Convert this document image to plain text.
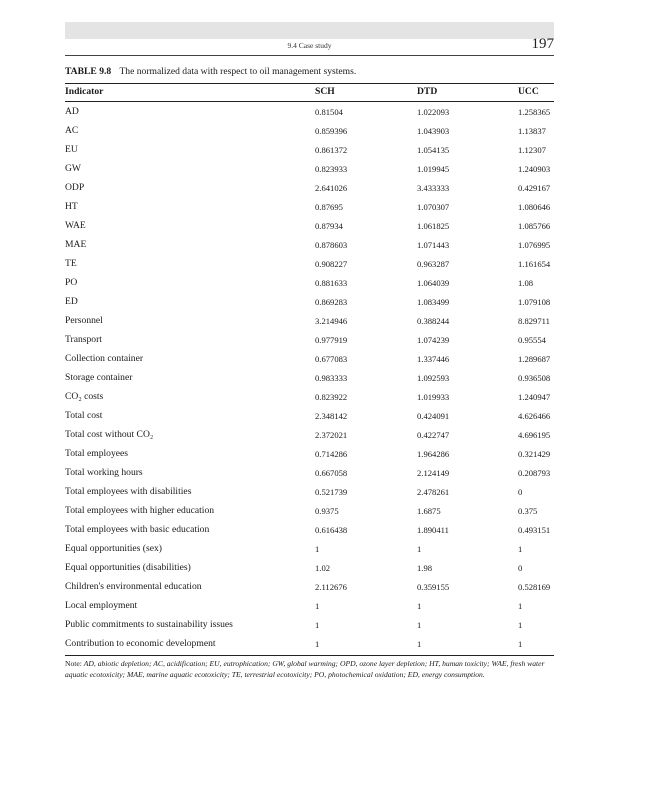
9.4 Case study	197
TABLE 9.8 The normalized data with respect to oil management systems.
Indicator	SCH	DTD	UCC
AD	0.81504	1.022093	1.258365
AC	0.859396	1.043903	1.13837
EU	0.861372	1.054135	1.12307
GW	0.823933	1.019945	1.240903
ODP	2.641026	3.433333	0.429167
HT	0.87695	1.070307	1.080646
WAE	0.87934	1.061825	1.085766
MAE	0.878603	1.071443	1.076995
TE	0.908227	0.963287	1.161654
PO	0.881633	1.064039	1.08
ED	0.869283	1.083499	1.079108
Personnel	3.214946	0.388244	8.829711
Transport	0.977919	1.074239	0.95554
Collection container	0.677083	1.337446	1.289687
Storage container	0.983333	1.092593	0.936508
CO₂ costs	0.823922	1.019933	1.240947
Total cost	2.348142	0.424091	4.626466
Total cost without CO₂	2.372021	0.422747	4.696195
Total employees	0.714286	1.964286	0.321429
Total working hours	0.667058	2.124149	0.208793
Total employees with disabilities	0.521739	2.478261	0
Total employees with higher education	0.9375	1.6875	0.375
Total employees with basic education	0.616438	1.890411	0.493151
Equal opportunities (sex)	1	1	1
Equal opportunities (disabilities)	1.02	1.98	0
Children's environmental education	2.112676	0.359155	0.528169
Local employment	1	1	1
Public commitments to sustainability issues	1	1	1
Contribution to economic development	1	1	1
Note: AD, abiotic depletion; AC, acidification; EU, eutrophication; GW, global warming; OPD, ozone layer depletion; HT, human toxicity; WAE, fresh water aquatic ecotoxicity; MAE, marine aquatic ecotoxicity; TE, terrestrial ecotoxicity; PO, photochemical oxidation; ED, energy consumption.
